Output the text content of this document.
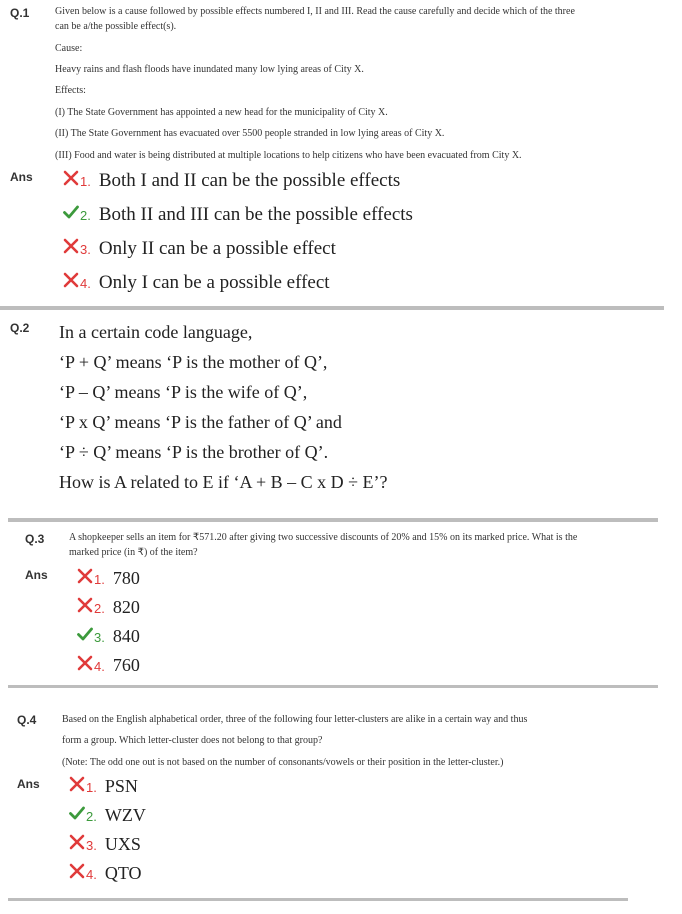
Q.1	Given below is a cause followed by possible effects numbered I, II and III. Read the cause carefully and decide which of the three
can be a/the possible effect(s).
Cause:
Heavy rains and flash floods have inundated many low lying areas of City X.
Effects:
(I) The State Government has appointed a new head for the municipality of City X.
(II) The State Government has evacuated over 5500 people stranded in low lying areas of City X.
(III) Food and water is being distributed at multiple locations to help citizens who have been evacuated from City X.
Ans	1. Both I and II can be the possible effects
2. Both II and III can be the possible effects
3. Only II can be a possible effect
4. Only I can be a possible effect
Q.2 In a certain code language,
‘P + Q’ means ‘P is the mother of Q’,
‘P – Q’ means ‘P is the wife of Q’,
‘P x Q’ means ‘P is the father of Q’ and
‘P ÷ Q’ means ‘P is the brother of Q’.
How is A related to E if ‘A + B – C x D ÷ E’?
Q.3 A shopkeeper sells an item for ₹571.20 after giving two successive discounts of 20% and 15% on its marked price. What is the
marked price (in ₹) of the item?
Ans	1. 780
2. 820
3. 840
4. 760
Q.4	Based on the English alphabetical order, three of the following four letter-clusters are alike in a certain way and thus
form a group. Which letter-cluster does not belong to that group?
(Note: The odd one out is not based on the number of consonants/vowels or their position in the letter-cluster.)
Ans	1. PSN
2. WZV
3. UXS
4. QTO
